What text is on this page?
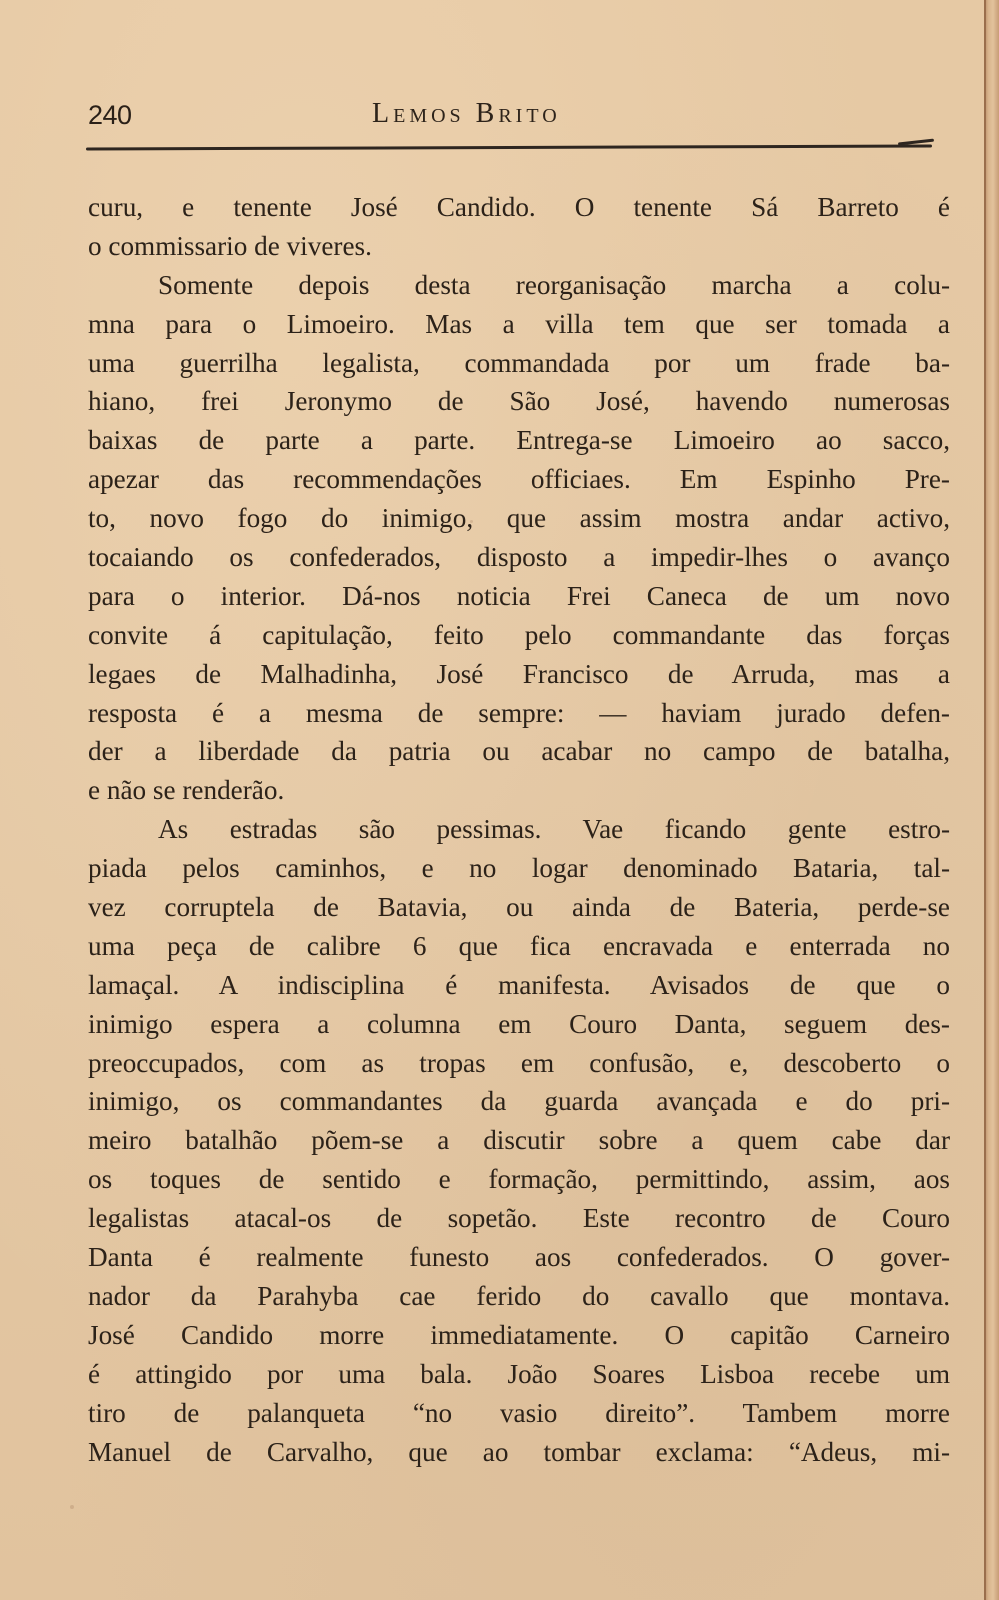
240	Lemos Brito
curu, e tenente José Candido. O tenente Sá Barreto é
o commissario de viveres.
Somente depois desta reorganisação marcha a colu-
mna para o Limoeiro. Mas a villa tem que ser tomada a
uma guerrilha legalista, commandada por um frade ba-
hiano, frei Jeronymo de São José, havendo numerosas
baixas de parte a parte. Entrega-se Limoeiro ao sacco,
apezar das recommendações officiaes. Em Espinho Pre-
to, novo fogo do inimigo, que assim mostra andar activo,
tocaiando os confederados, disposto a impedir-lhes o avanço
para o interior. Dá-nos noticia Frei Caneca de um novo
convite á capitulação, feito pelo commandante das forças
legaes de Malhadinha, José Francisco de Arruda, mas a
resposta é a mesma de sempre: — haviam jurado defen-
der a liberdade da patria ou acabar no campo de batalha,
e não se renderão.
As estradas são pessimas. Vae ficando gente estro-
piada pelos caminhos, e no logar denominado Bataria, tal-
vez corruptela de Batavia, ou ainda de Bateria, perde-se
uma peça de calibre 6 que fica encravada e enterrada no
lamaçal. A indisciplina é manifesta. Avisados de que o
inimigo espera a columna em Couro Danta, seguem des-
preoccupados, com as tropas em confusão, e, descoberto o
inimigo, os commandantes da guarda avançada e do pri-
meiro batalhão põem-se a discutir sobre a quem cabe dar
os toques de sentido e formação, permittindo, assim, aos
legalistas atacal-os de sopetão. Este recontro de Couro
Danta é realmente funesto aos confederados. O gover-
nador da Parahyba cae ferido do cavallo que montava.
José Candido morre immediatamente. O capitão Carneiro
é attingido por uma bala. João Soares Lisboa recebe um
tiro de palanqueta “no vasio direito”. Tambem morre
Manuel de Carvalho, que ao tombar exclama: “Adeus, mi-
